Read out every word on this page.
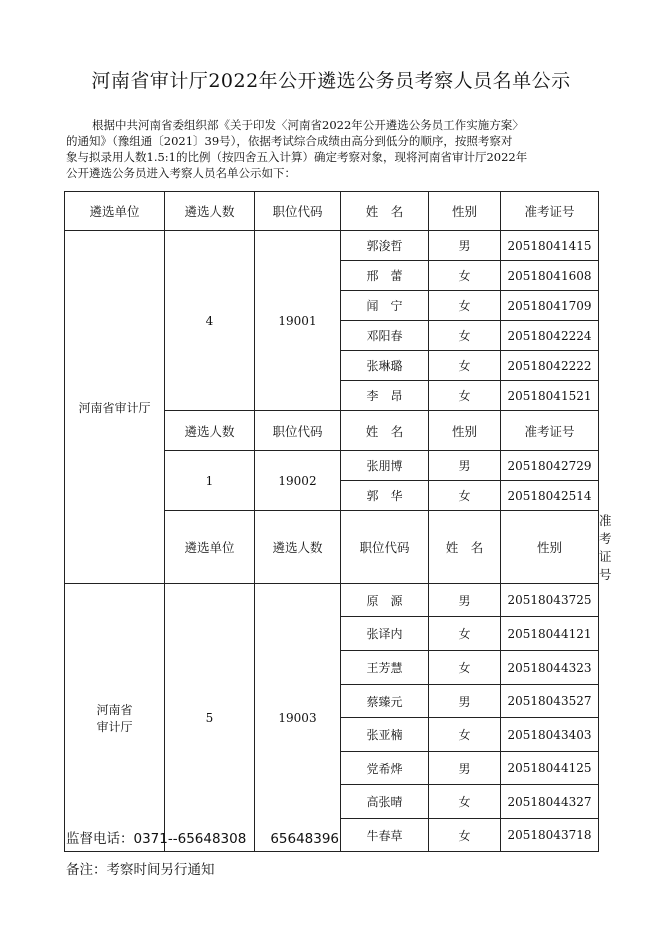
河南省审计厅2022年公开遴选公务员考察人员名单公示
根据中共河南省委组织部《关于印发〈河南省2022年公开遴选公务员工作实施方案〉
的通知》（豫组通〔2021〕39号），依据考试综合成绩由高分到低分的顺序，按照考察对
象与拟录用人数1.5:1的比例（按四舍五入计算）确定考察对象，现将河南省审计厅2022年
公开遴选公务员进入考察人员名单公示如下：
遴选单位	遴选人数	职位代码	姓　名	性别	准考证号	
河南省审计厅	4	19001	郭浚哲	男	20518041415	
			邢　蕾	女	20518041608	
			闻　宁	女	20518041709	
			邓阳春	女	20518042224	
			张琳璐	女	20518042222	
			李　昂	女	20518041521	
	遴选人数	职位代码	姓　名	性别	准考证号	
	1	19002	张朋博	男	20518042729	
			郭　华	女	20518042514	
	遴选单位	遴选人数	职位代码	姓　名	性别	准考证号

河南省
审计厅	5	19003	原　源	男	20518043725	
			张译内	女	20518044121	
			王芳慧	女	20518044323	
			蔡臻元	男	20518043527	
			张亚楠	女	20518043403	
			党希烨	男	20518044125	
			高张晴	女	20518044327	
			牛春草	女	20518043718	
监督电话：0371--65648308 65648396
备注：考察时间另行通知
